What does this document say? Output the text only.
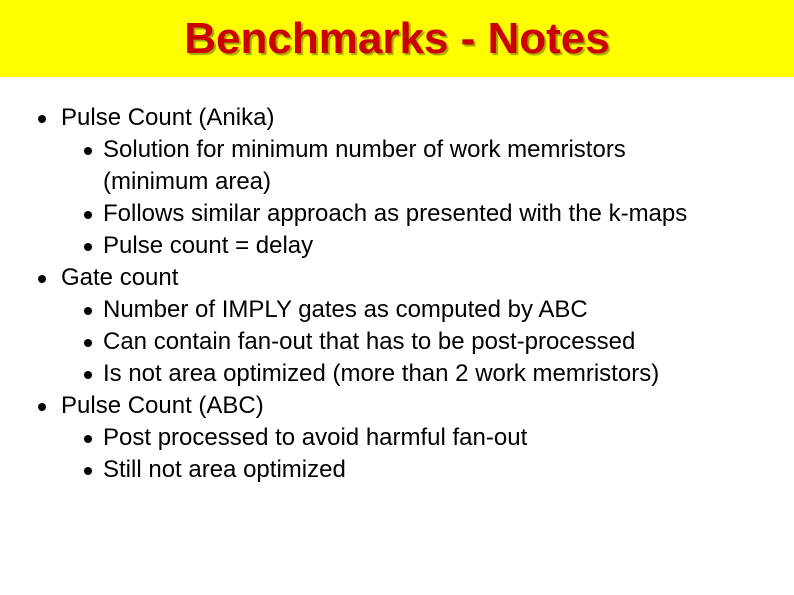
Benchmarks - Notes
Pulse Count (Anika)
Solution for minimum number of work memristors (minimum area)
Follows similar approach as presented with the k-maps
Pulse count = delay
Gate count
Number of IMPLY gates as computed by ABC
Can contain fan-out that has to be post-processed
Is not area optimized (more than 2 work memristors)
Pulse Count (ABC)
Post processed to avoid harmful fan-out
Still not area optimized
